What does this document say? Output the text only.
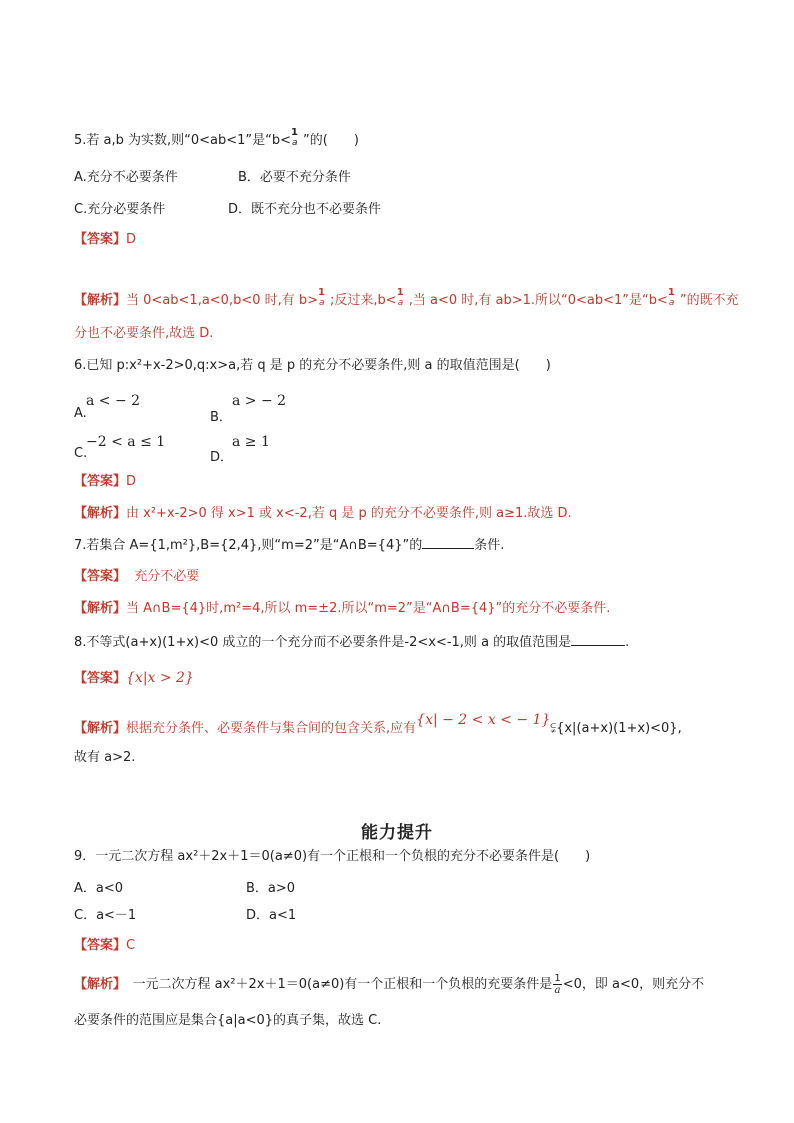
5.若 a,b 为实数,则“0<ab<1”是“b<
1
a ”的(　　)
A.充分不必要条件	B．必要不充分条件
C.充分必要条件	D．既不充分也不必要条件
【答案】D
【解析】当 0<ab<1,a<0,b<0 时,有 b>
1
a ;反过来,b<
1
a ,当 a<0 时,有 ab>1.所以“0<ab<1”是“b<
1
a ”的既不充
分也不必要条件,故选 D.
6.已知 p:x²+x-2>0,q:x>a,若 q 是 p 的充分不必要条件,则 a 的取值范围是(　　)
A.
a < − 2
B．
a > − 2
C.
−2 < a ≤ 1
D．
a ≥ 1
【答案】D
【解析】由 x²+x-2>0 得 x>1 或 x<-2,若 q 是 p 的充分不必要条件,则 a≥1.故选 D.
7.若集合 A={1,m²},B={2,4},则“m=2”是“A∩B={4}”的	条件.
【答案】 充分不必要
【解析】当 A∩B={4}时,m²=4,所以 m=±2.所以“m=2”是“A∩B={4}”的充分不必要条件.
8.不等式(a+x)(1+x)<0 成立的一个充分而不必要条件是-2<x<-1,则 a 的取值范围是	.
【答案】{x|x > 2}
【解析】根据充分条件、必要条件与集合间的包含关系,应有{x| − 2 < x < − 1}⫋{x|(a+x)(1+x)<0},
故有 a>2.
能力提升
9．一元二次方程 ax²＋2x＋1＝0(a≠0)有一个正根和一个负根的充分不必要条件是(　　)
A．a<0	B．a>0
C．a<－1	D．a<1
【答案】C
【解析】　一元二次方程 ax²＋2x＋1＝0(a≠0)有一个正根和一个负根的充要条件是 $\frac{1}{a} <0$，即 a<0，则充分不
必要条件的范围应是集合{a|a<0}的真子集，故选 C.
